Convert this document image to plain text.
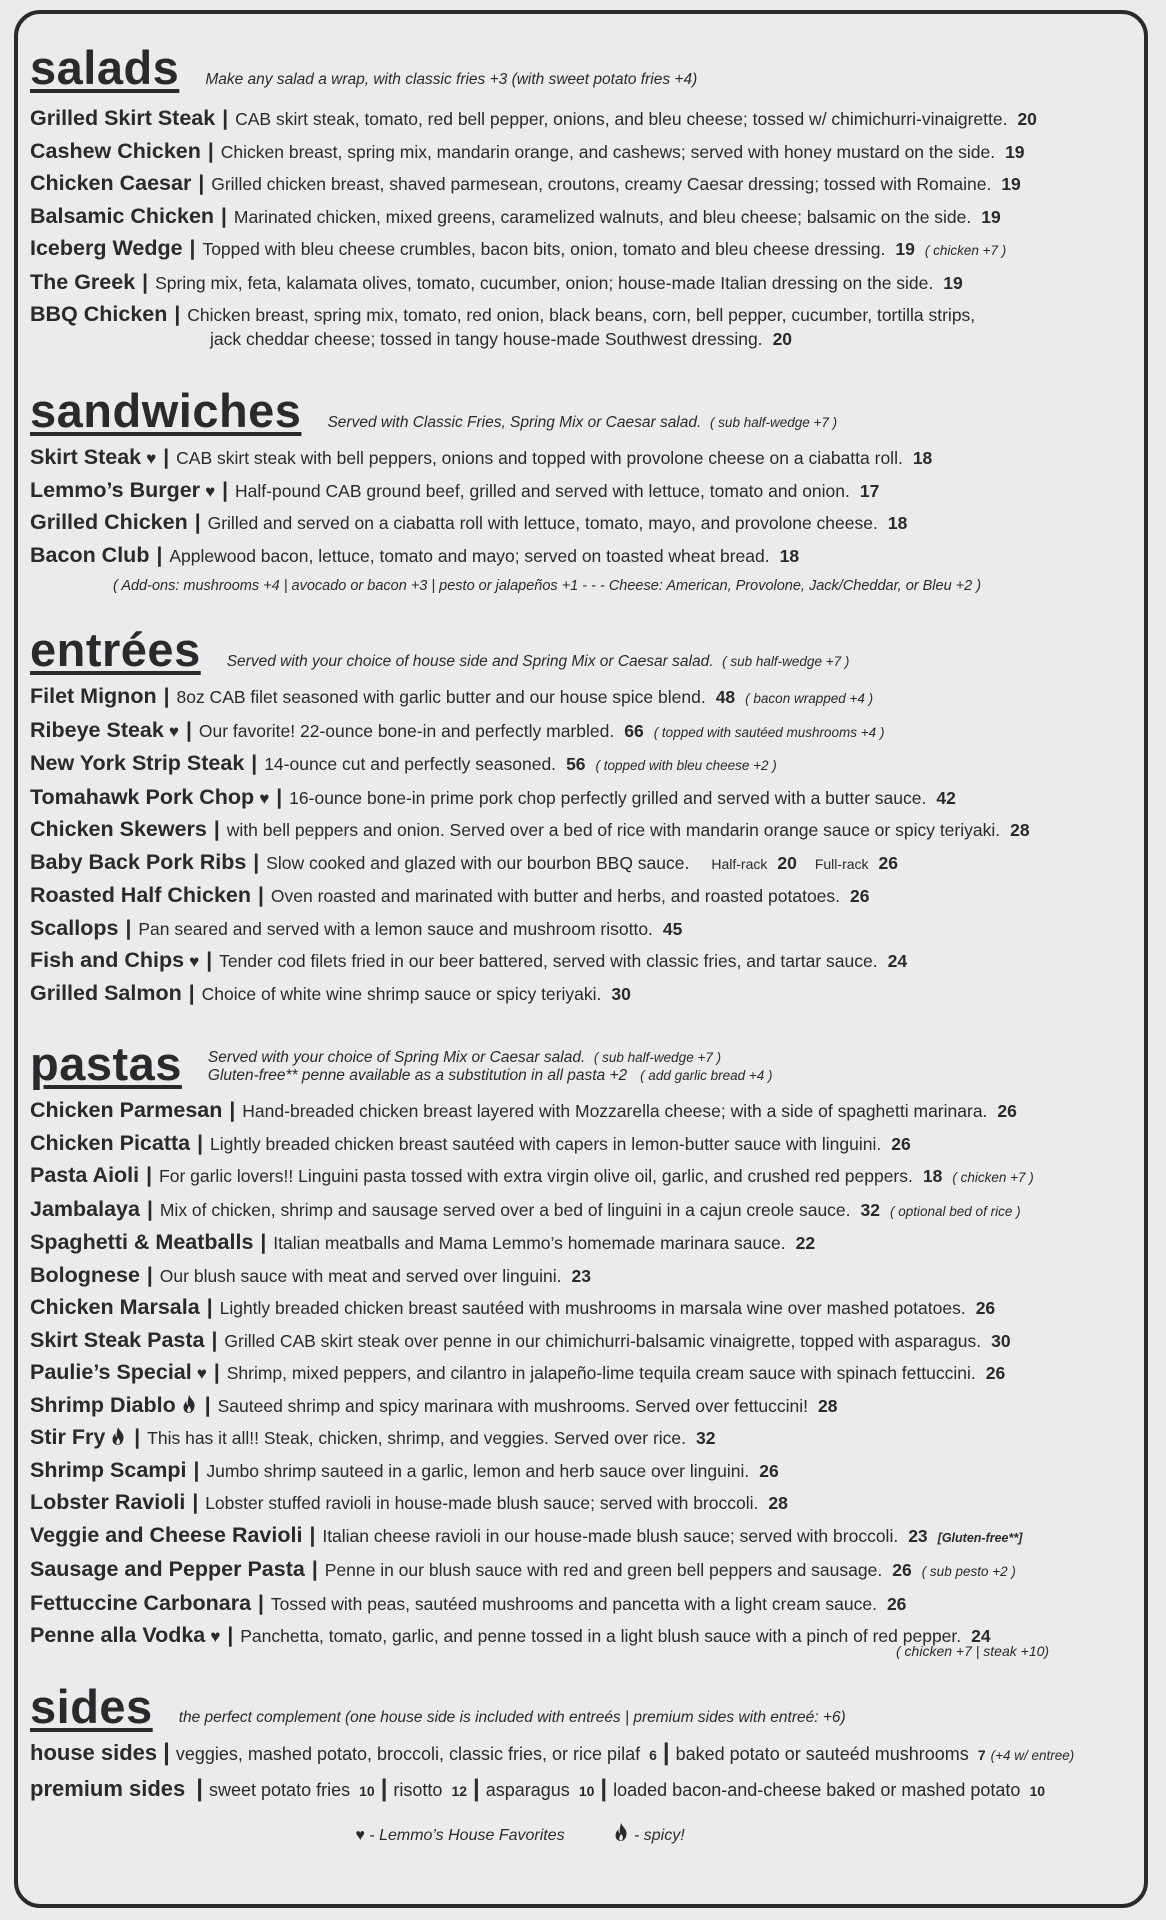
salads Make any salad a wrap, with classic fries +3 (with sweet potato fries +4)
Grilled Skirt Steak | CAB skirt steak, tomato, red bell pepper, onions, and bleu cheese; tossed w/ chimichurri-vinaigrette. 20
Cashew Chicken | Chicken breast, spring mix, mandarin orange, and cashews; served with honey mustard on the side. 19
Chicken Caesar | Grilled chicken breast, shaved parmesean, croutons, creamy Caesar dressing; tossed with Romaine. 19
Balsamic Chicken | Marinated chicken, mixed greens, caramelized walnuts, and bleu cheese; balsamic on the side. 19
Iceberg Wedge | Topped with bleu cheese crumbles, bacon bits, onion, tomato and bleu cheese dressing. 19 ( chicken +7 )
The Greek | Spring mix, feta, kalamata olives, tomato, cucumber, onion; house-made Italian dressing on the side. 19
BBQ Chicken | Chicken breast, spring mix, tomato, red onion, black beans, corn, bell pepper, cucumber, tortilla strips,
jack cheddar cheese; tossed in tangy house-made Southwest dressing. 20
sandwiches Served with Classic Fries, Spring Mix or Caesar salad. ( sub half-wedge +7 )
Skirt Steak ♥ | CAB skirt steak with bell peppers, onions and topped with provolone cheese on a ciabatta roll. 18
Lemmo’s Burger ♥ | Half-pound CAB ground beef, grilled and served with lettuce, tomato and onion. 17
Grilled Chicken | Grilled and served on a ciabatta roll with lettuce, tomato, mayo, and provolone cheese. 18
Bacon Club | Applewood bacon, lettuce, tomato and mayo; served on toasted wheat bread. 18
( Add-ons: mushrooms +4 | avocado or bacon +3 | pesto or jalapeños +1 - - - Cheese: American, Provolone, Jack/Cheddar, or Bleu +2 )
entrées Served with your choice of house side and Spring Mix or Caesar salad. ( sub half-wedge +7 )
Filet Mignon | 8oz CAB filet seasoned with garlic butter and our house spice blend. 48 ( bacon wrapped +4 )
Ribeye Steak ♥ | Our favorite! 22-ounce bone-in and perfectly marbled. 66 ( topped with sautéed mushrooms +4 )
New York Strip Steak | 14-ounce cut and perfectly seasoned. 56 ( topped with bleu cheese +2 )
Tomahawk Pork Chop ♥ | 16-ounce bone-in prime pork chop perfectly grilled and served with a butter sauce. 42
Chicken Skewers | with bell peppers and onion. Served over a bed of rice with mandarin orange sauce or spicy teriyaki. 28
Baby Back Pork Ribs | Slow cooked and glazed with our bourbon BBQ sauce. Half-rack 20 Full-rack 26
Roasted Half Chicken | Oven roasted and marinated with butter and herbs, and roasted potatoes. 26
Scallops | Pan seared and served with a lemon sauce and mushroom risotto. 45
Fish and Chips ♥ | Tender cod filets fried in our beer battered, served with classic fries, and tartar sauce. 24
Grilled Salmon | Choice of white wine shrimp sauce or spicy teriyaki. 30
pastas Served with your choice of Spring Mix or Caesar salad. ( sub half-wedge +7 )
Gluten-free** penne available as a substitution in all pasta +2 ( add garlic bread +4 )
Chicken Parmesan | Hand-breaded chicken breast layered with Mozzarella cheese; with a side of spaghetti marinara. 26
Chicken Picatta | Lightly breaded chicken breast sautéed with capers in lemon-butter sauce with linguini. 26
Pasta Aioli | For garlic lovers!! Linguini pasta tossed with extra virgin olive oil, garlic, and crushed red peppers. 18 ( chicken +7 )
Jambalaya | Mix of chicken, shrimp and sausage served over a bed of linguini in a cajun creole sauce. 32 ( optional bed of rice )
Spaghetti & Meatballs | Italian meatballs and Mama Lemmo’s homemade marinara sauce. 22
Bolognese | Our blush sauce with meat and served over linguini. 23
Chicken Marsala | Lightly breaded chicken breast sautéed with mushrooms in marsala wine over mashed potatoes. 26
Skirt Steak Pasta | Grilled CAB skirt steak over penne in our chimichurri-balsamic vinaigrette, topped with asparagus. 30
Paulie’s Special ♥ | Shrimp, mixed peppers, and cilantro in jalapeño-lime tequila cream sauce with spinach fettuccini. 26
Shrimp Diablo | Sauteed shrimp and spicy marinara with mushrooms. Served over fettuccini! 28
Stir Fry | This has it all!! Steak, chicken, shrimp, and veggies. Served over rice. 32
Shrimp Scampi | Jumbo shrimp sauteed in a garlic, lemon and herb sauce over linguini. 26
Lobster Ravioli | Lobster stuffed ravioli in house-made blush sauce; served with broccoli. 28
Veggie and Cheese Ravioli | Italian cheese ravioli in our house-made blush sauce; served with broccoli. 23 [Gluten-free**]
Sausage and Pepper Pasta | Penne in our blush sauce with red and green bell peppers and sausage. 26 ( sub pesto +2 )
Fettuccine Carbonara | Tossed with peas, sautéed mushrooms and pancetta with a light cream sauce. 26
Penne alla Vodka ♥ | Panchetta, tomato, garlic, and penne tossed in a light blush sauce with a pinch of red pepper. 24
( chicken +7 | steak +10)
sides the perfect complement (one house side is included with entreés | premium sides with entreé: +6)
house sides | veggies, mashed potato, broccoli, classic fries, or rice pilaf 6 | baked potato or sauteéd mushrooms 7 (+4 w/ entree)
premium sides | sweet potato fries 10 | risotto 12 | asparagus 10 | loaded bacon-and-cheese baked or mashed potato 10
♥ - Lemmo’s House Favorites	- spicy!
